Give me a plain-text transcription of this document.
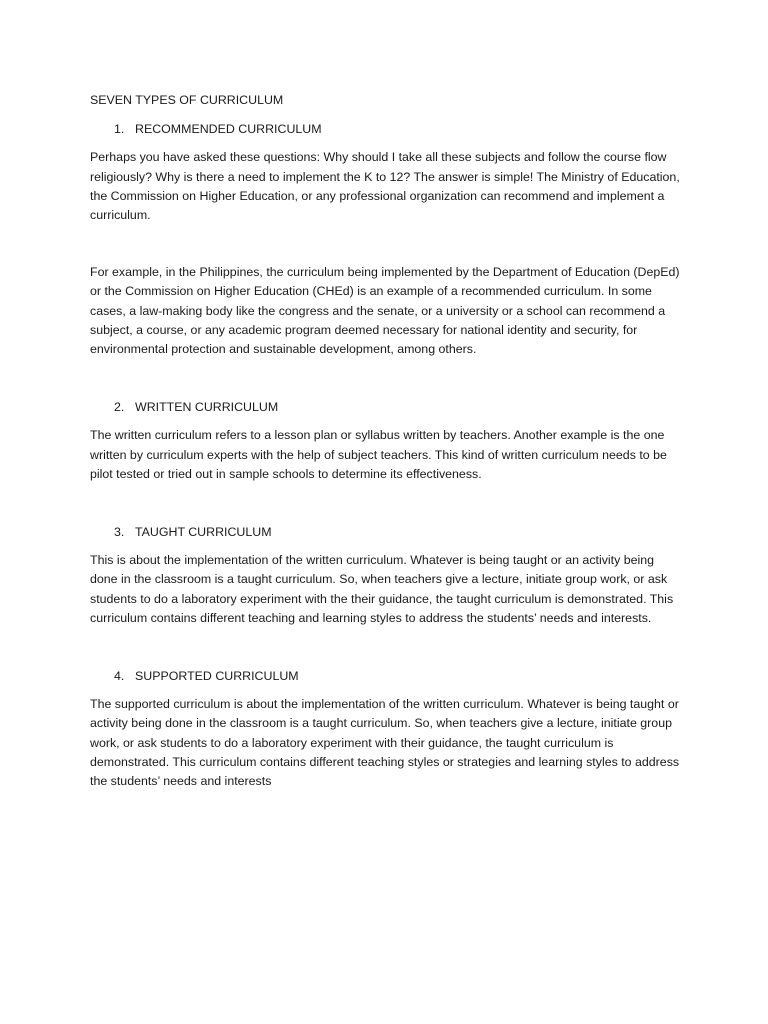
SEVEN TYPES OF CURRICULUM
1. RECOMMENDED CURRICULUM

Perhaps you have asked these questions: Why should I take all these subjects and follow the course flow religiously? Why is there a need to implement the K to 12? The answer is simple! The Ministry of Education, the Commission on Higher Education, or any professional organization can recommend and implement a curriculum.

For example, in the Philippines, the curriculum being implemented by the Department of Education (DepEd) or the Commission on Higher Education (CHEd) is an example of a recommended curriculum. In some cases, a law-making body like the congress and the senate, or a university or a school can recommend a subject, a course, or any academic program deemed necessary for national identity and security, for environmental protection and sustainable development, among others.

2. WRITTEN CURRICULUM

The written curriculum refers to a lesson plan or syllabus written by teachers. Another example is the one written by curriculum experts with the help of subject teachers. This kind of written curriculum needs to be pilot tested or tried out in sample schools to determine its effectiveness.

3. TAUGHT CURRICULUM

This is about the implementation of the written curriculum. Whatever is being taught or an activity being done in the classroom is a taught curriculum. So, when teachers give a lecture, initiate group work, or ask students to do a laboratory experiment with the their guidance, the taught curriculum is demonstrated. This curriculum contains different teaching and learning styles to address the students’ needs and interests.

4. SUPPORTED CURRICULUM

The supported curriculum is about the implementation of the written curriculum. Whatever is being taught or activity being done in the classroom is a taught curriculum. So, when teachers give a lecture, initiate group work, or ask students to do a laboratory experiment with their guidance, the taught curriculum is demonstrated. This curriculum contains different teaching styles or strategies and learning styles to address the students’ needs and interests
